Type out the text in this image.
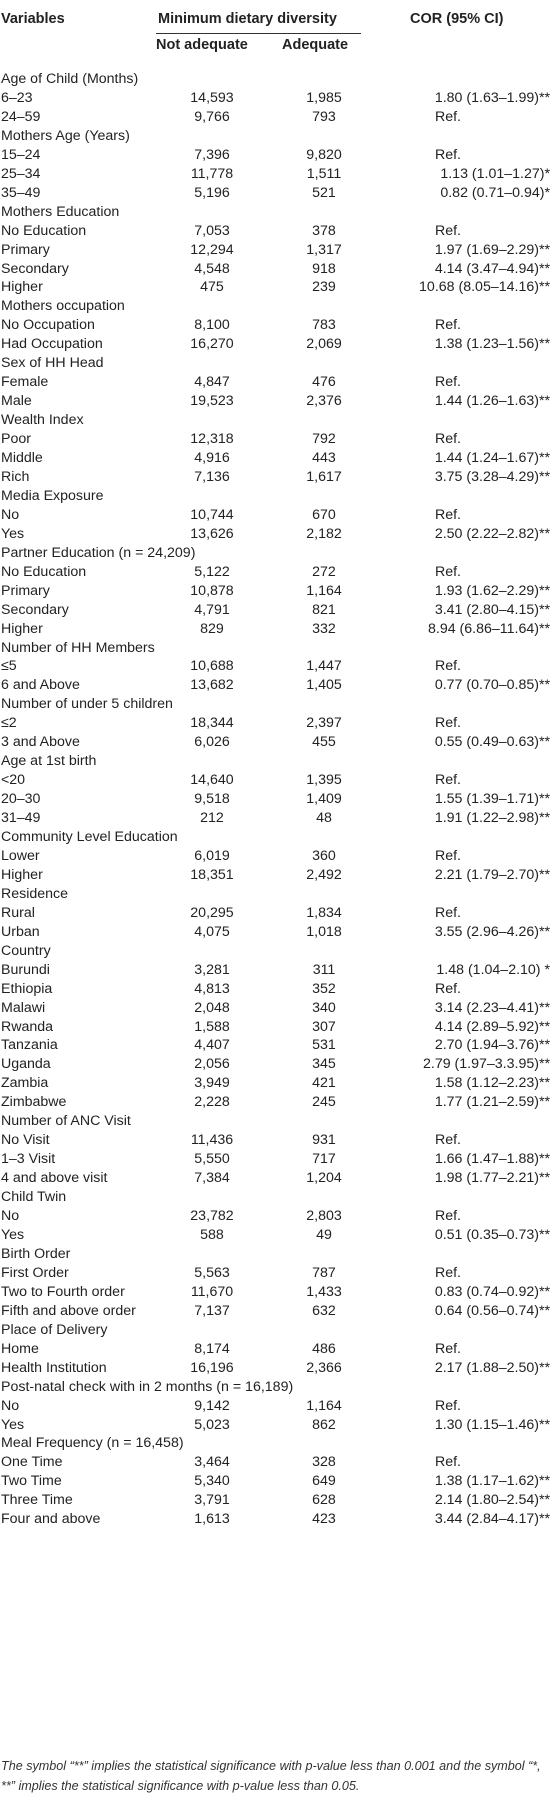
Variables	Minimum dietary diversity	COR (95% CI)
Not adequate Adequate
Age of Child (Months)
6–23	14,593	1,985	1.80 (1.63–1.99)**
24–59	9,766	793	Ref.
Mothers Age (Years)
15–24	7,396	9,820	Ref.
25–34	11,778	1,511	1.13 (1.01–1.27)*
35–49	5,196	521	0.82 (0.71–0.94)*
Mothers Education
No Education	7,053	378	Ref.
Primary	12,294	1,317	1.97 (1.69–2.29)**
Secondary	4,548	918	4.14 (3.47–4.94)**
Higher	475	239	10.68 (8.05–14.16)**
Mothers occupation
No Occupation	8,100	783	Ref.
Had Occupation	16,270	2,069	1.38 (1.23–1.56)**
Sex of HH Head
Female	4,847	476	Ref.
Male	19,523	2,376	1.44 (1.26–1.63)**
Wealth Index
Poor	12,318	792	Ref.
Middle	4,916	443	1.44 (1.24–1.67)**
Rich	7,136	1,617	3.75 (3.28–4.29)**
Media Exposure
No	10,744	670	Ref.
Yes	13,626	2,182	2.50 (2.22–2.82)**
Partner Education (n = 24,209)
No Education	5,122	272	Ref.
Primary	10,878	1,164	1.93 (1.62–2.29)**
Secondary	4,791	821	3.41 (2.80–4.15)**
Higher	829	332	8.94 (6.86–11.64)**
Number of HH Members
≤5	10,688	1,447	Ref.
6 and Above	13,682	1,405	0.77 (0.70–0.85)**
Number of under 5 children
≤2	18,344	2,397	Ref.
3 and Above	6,026	455	0.55 (0.49–0.63)**
Age at 1st birth
<20	14,640	1,395	Ref.
20–30	9,518	1,409	1.55 (1.39–1.71)**
31–49	212	48	1.91 (1.22–2.98)**
Community Level Education
Lower	6,019	360	Ref.
Higher	18,351	2,492	2.21 (1.79–2.70)**
Residence
Rural	20,295	1,834	Ref.
Urban	4,075	1,018	3.55 (2.96–4.26)**
Country
Burundi	3,281	311	1.48 (1.04–2.10) *
Ethiopia	4,813	352	Ref.
Malawi	2,048	340	3.14 (2.23–4.41)**
Rwanda	1,588	307	4.14 (2.89–5.92)**
Tanzania	4,407	531	2.70 (1.94–3.76)**
Uganda	2,056	345	2.79 (1.97–3.3.95)**
Zambia	3,949	421	1.58 (1.12–2.23)**
Zimbabwe	2,228	245	1.77 (1.21–2.59)**
Number of ANC Visit
No Visit	11,436	931	Ref.
1–3 Visit	5,550	717	1.66 (1.47–1.88)**
4 and above visit	7,384	1,204	1.98 (1.77–2.21)**
Child Twin
No	23,782	2,803	Ref.
Yes	588	49	0.51 (0.35–0.73)**
Birth Order
First Order	5,563	787	Ref.
Two to Fourth order	11,670	1,433	0.83 (0.74–0.92)**
Fifth and above order	7,137	632	0.64 (0.56–0.74)**
Place of Delivery
Home	8,174	486	Ref.
Health Institution	16,196	2,366	2.17 (1.88–2.50)**
Post-natal check with in 2 months (n = 16,189)
No	9,142	1,164	Ref.
Yes	5,023	862	1.30 (1.15–1.46)**
Meal Frequency (n = 16,458)
One Time	3,464	328	Ref.
Two Time	5,340	649	1.38 (1.17–1.62)**
Three Time	3,791	628	2.14 (1.80–2.54)**
Four and above	1,613	423	3.44 (2.84–4.17)**
The symbol “**” implies the statistical significance with p-value less than 0.001 and the symbol “*, **” implies the statistical significance with p-value less than 0.05.
